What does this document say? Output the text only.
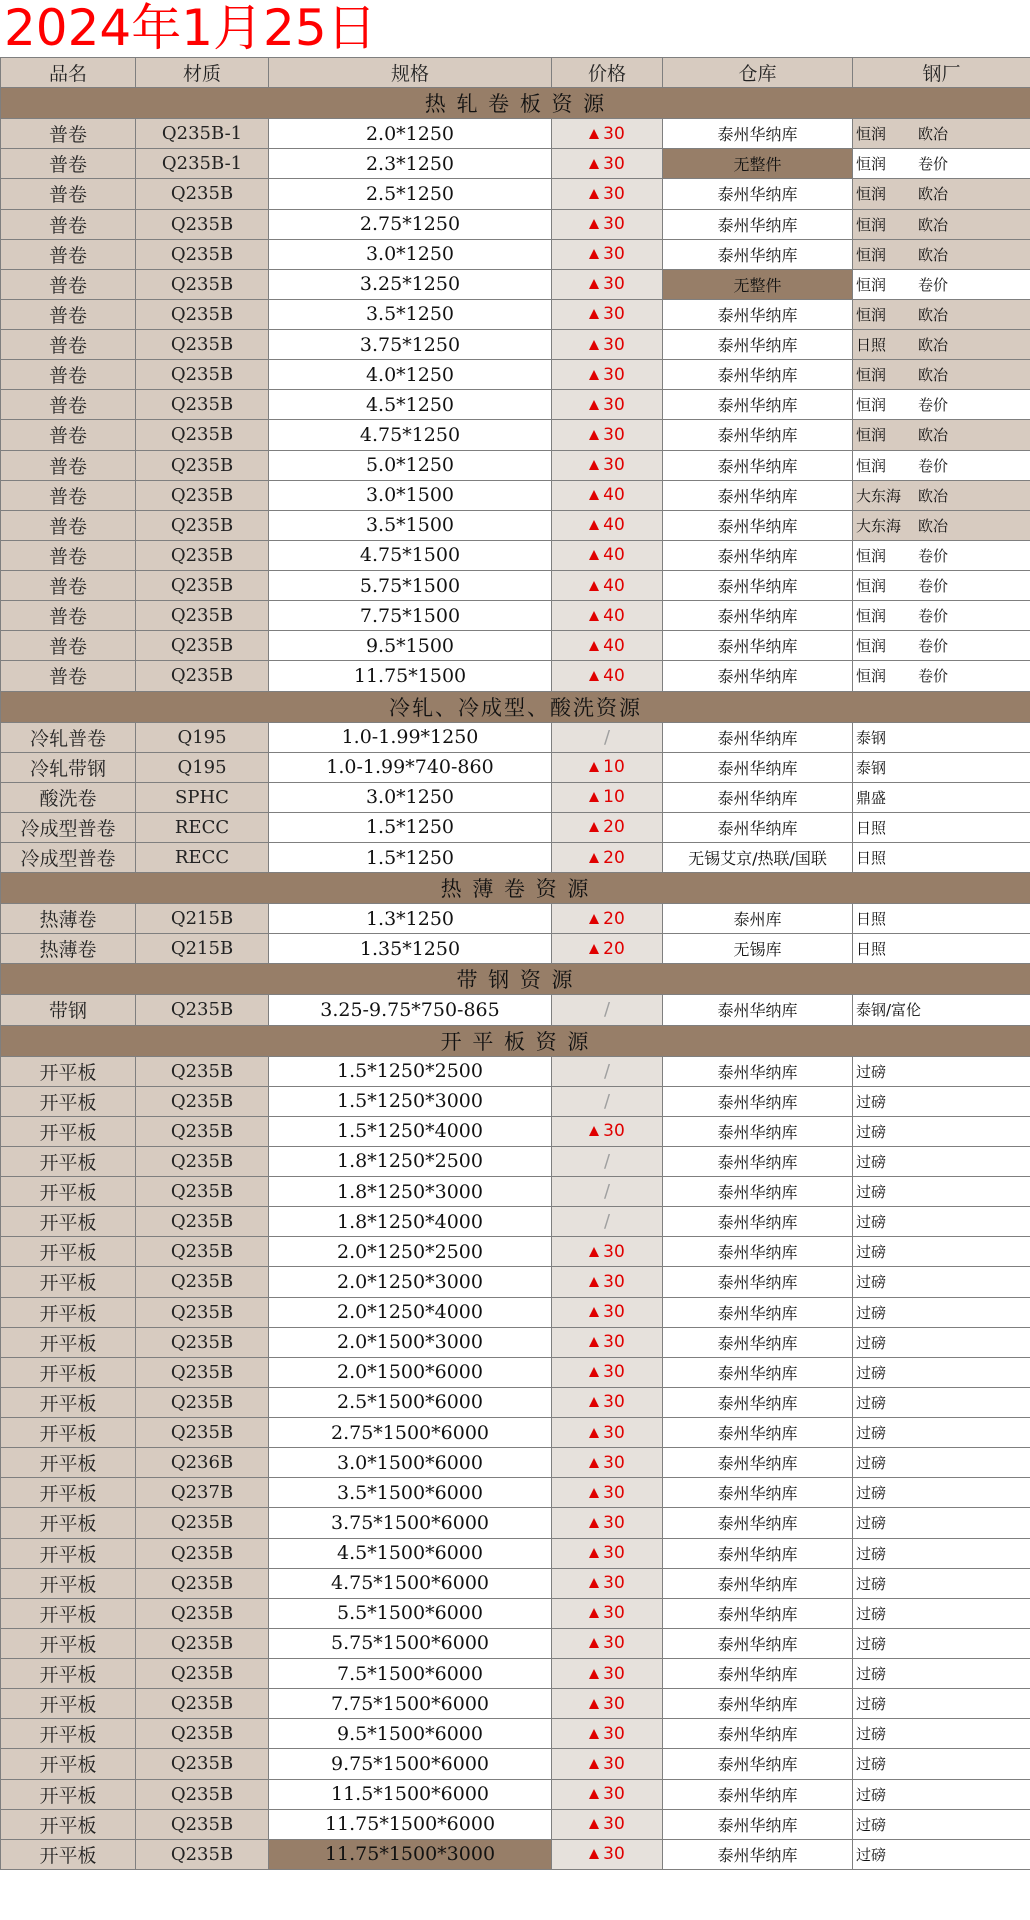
2024年1月25日
品名	材质	规格	价格	仓库	钢厂
热 轧 卷 板 资 源					
普卷	Q235B-1	2.0*1250	30	泰州华纳库	恒润 欧冶
普卷	Q235B-1	2.3*1250	30	无整件	恒润 卷价
普卷	Q235B	2.5*1250	30	泰州华纳库	恒润 欧冶
普卷	Q235B	2.75*1250	30	泰州华纳库	恒润 欧冶
普卷	Q235B	3.0*1250	30	泰州华纳库	恒润 欧冶
普卷	Q235B	3.25*1250	30	无整件	恒润 卷价
普卷	Q235B	3.5*1250	30	泰州华纳库	恒润 欧冶
普卷	Q235B	3.75*1250	30	泰州华纳库	日照 欧冶
普卷	Q235B	4.0*1250	30	泰州华纳库	恒润 欧冶
普卷	Q235B	4.5*1250	30	泰州华纳库	恒润 卷价
普卷	Q235B	4.75*1250	30	泰州华纳库	恒润 欧冶
普卷	Q235B	5.0*1250	30	泰州华纳库	恒润 卷价
普卷	Q235B	3.0*1500	40	泰州华纳库	大东海 欧冶
普卷	Q235B	3.5*1500	40	泰州华纳库	大东海 欧冶
普卷	Q235B	4.75*1500	40	泰州华纳库	恒润 卷价
普卷	Q235B	5.75*1500	40	泰州华纳库	恒润 卷价
普卷	Q235B	7.75*1500	40	泰州华纳库	恒润 卷价
普卷	Q235B	9.5*1500	40	泰州华纳库	恒润 卷价
普卷	Q235B	11.75*1500	40	泰州华纳库	恒润 卷价
冷轧、冷成型、酸洗资源					
冷轧普卷	Q195	1.0-1.99*1250	/	泰州华纳库	泰钢
冷轧带钢	Q195	1.0-1.99*740-860	10	泰州华纳库	泰钢
酸洗卷	SPHC	3.0*1250	10	泰州华纳库	鼎盛
冷成型普卷	RECC	1.5*1250	20	泰州华纳库	日照
冷成型普卷	RECC	1.5*1250	20	无锡艾京/热联/国联	日照
热 薄 卷 资 源					
热薄卷	Q215B	1.3*1250	20	泰州库	日照
热薄卷	Q215B	1.35*1250	20	无锡库	日照
带 钢 资 源					
带钢	Q235B	3.25-9.75*750-865	/	泰州华纳库	泰钢/富伦
开 平 板 资 源					
开平板	Q235B	1.5*1250*2500	/	泰州华纳库	过磅
开平板	Q235B	1.5*1250*3000	/	泰州华纳库	过磅
开平板	Q235B	1.5*1250*4000	30	泰州华纳库	过磅
开平板	Q235B	1.8*1250*2500	/	泰州华纳库	过磅
开平板	Q235B	1.8*1250*3000	/	泰州华纳库	过磅
开平板	Q235B	1.8*1250*4000	/	泰州华纳库	过磅
开平板	Q235B	2.0*1250*2500	30	泰州华纳库	过磅
开平板	Q235B	2.0*1250*3000	30	泰州华纳库	过磅
开平板	Q235B	2.0*1250*4000	30	泰州华纳库	过磅
开平板	Q235B	2.0*1500*3000	30	泰州华纳库	过磅
开平板	Q235B	2.0*1500*6000	30	泰州华纳库	过磅
开平板	Q235B	2.5*1500*6000	30	泰州华纳库	过磅
开平板	Q235B	2.75*1500*6000	30	泰州华纳库	过磅
开平板	Q236B	3.0*1500*6000	30	泰州华纳库	过磅
开平板	Q237B	3.5*1500*6000	30	泰州华纳库	过磅
开平板	Q235B	3.75*1500*6000	30	泰州华纳库	过磅
开平板	Q235B	4.5*1500*6000	30	泰州华纳库	过磅
开平板	Q235B	4.75*1500*6000	30	泰州华纳库	过磅
开平板	Q235B	5.5*1500*6000	30	泰州华纳库	过磅
开平板	Q235B	5.75*1500*6000	30	泰州华纳库	过磅
开平板	Q235B	7.5*1500*6000	30	泰州华纳库	过磅
开平板	Q235B	7.75*1500*6000	30	泰州华纳库	过磅
开平板	Q235B	9.5*1500*6000	30	泰州华纳库	过磅
开平板	Q235B	9.75*1500*6000	30	泰州华纳库	过磅
开平板	Q235B	11.5*1500*6000	30	泰州华纳库	过磅
开平板	Q235B	11.75*1500*6000	30	泰州华纳库	过磅
开平板	Q235B	11.75*1500*3000	30	泰州华纳库	过磅
